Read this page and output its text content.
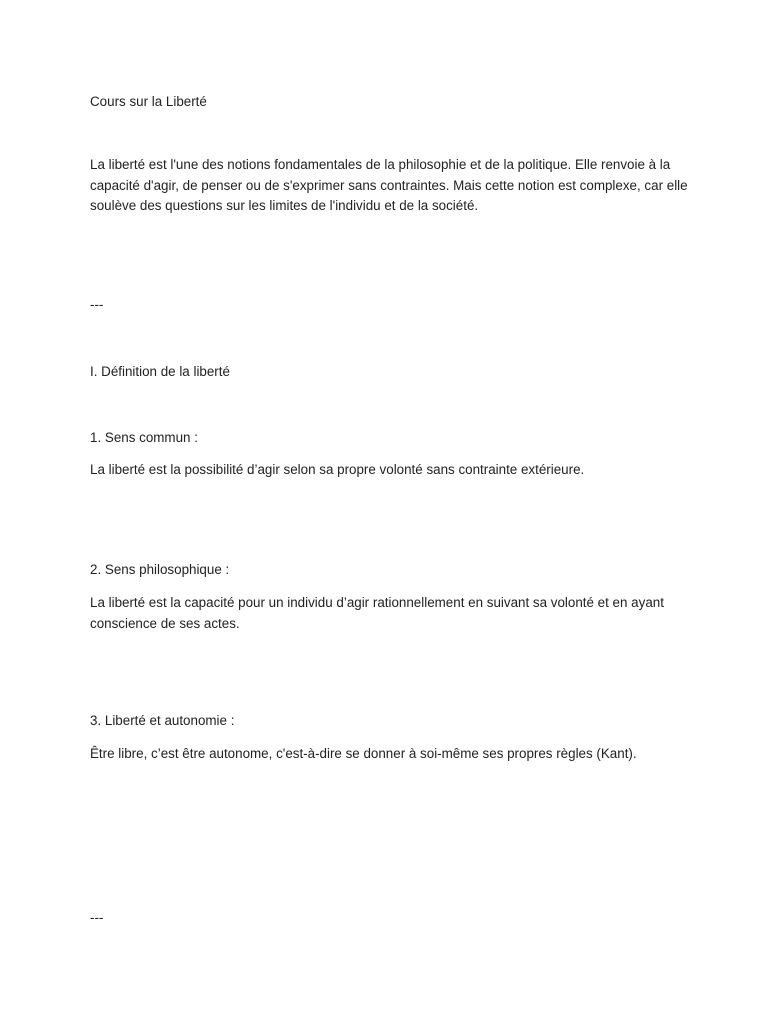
Cours sur la Liberté

La liberté est l'une des notions fondamentales de la philosophie et de la politique. Elle renvoie à la capacité d'agir, de penser ou de s'exprimer sans contraintes. Mais cette notion est complexe, car elle soulève des questions sur les limites de l'individu et de la société.

---

I. Définition de la liberté

1. Sens commun :

La liberté est la possibilité d’agir selon sa propre volonté sans contrainte extérieure.

2. Sens philosophique :

La liberté est la capacité pour un individu d’agir rationnellement en suivant sa volonté et en ayant conscience de ses actes.

3. Liberté et autonomie :

Être libre, c’est être autonome, c'est-à-dire se donner à soi-même ses propres règles (Kant).

---
